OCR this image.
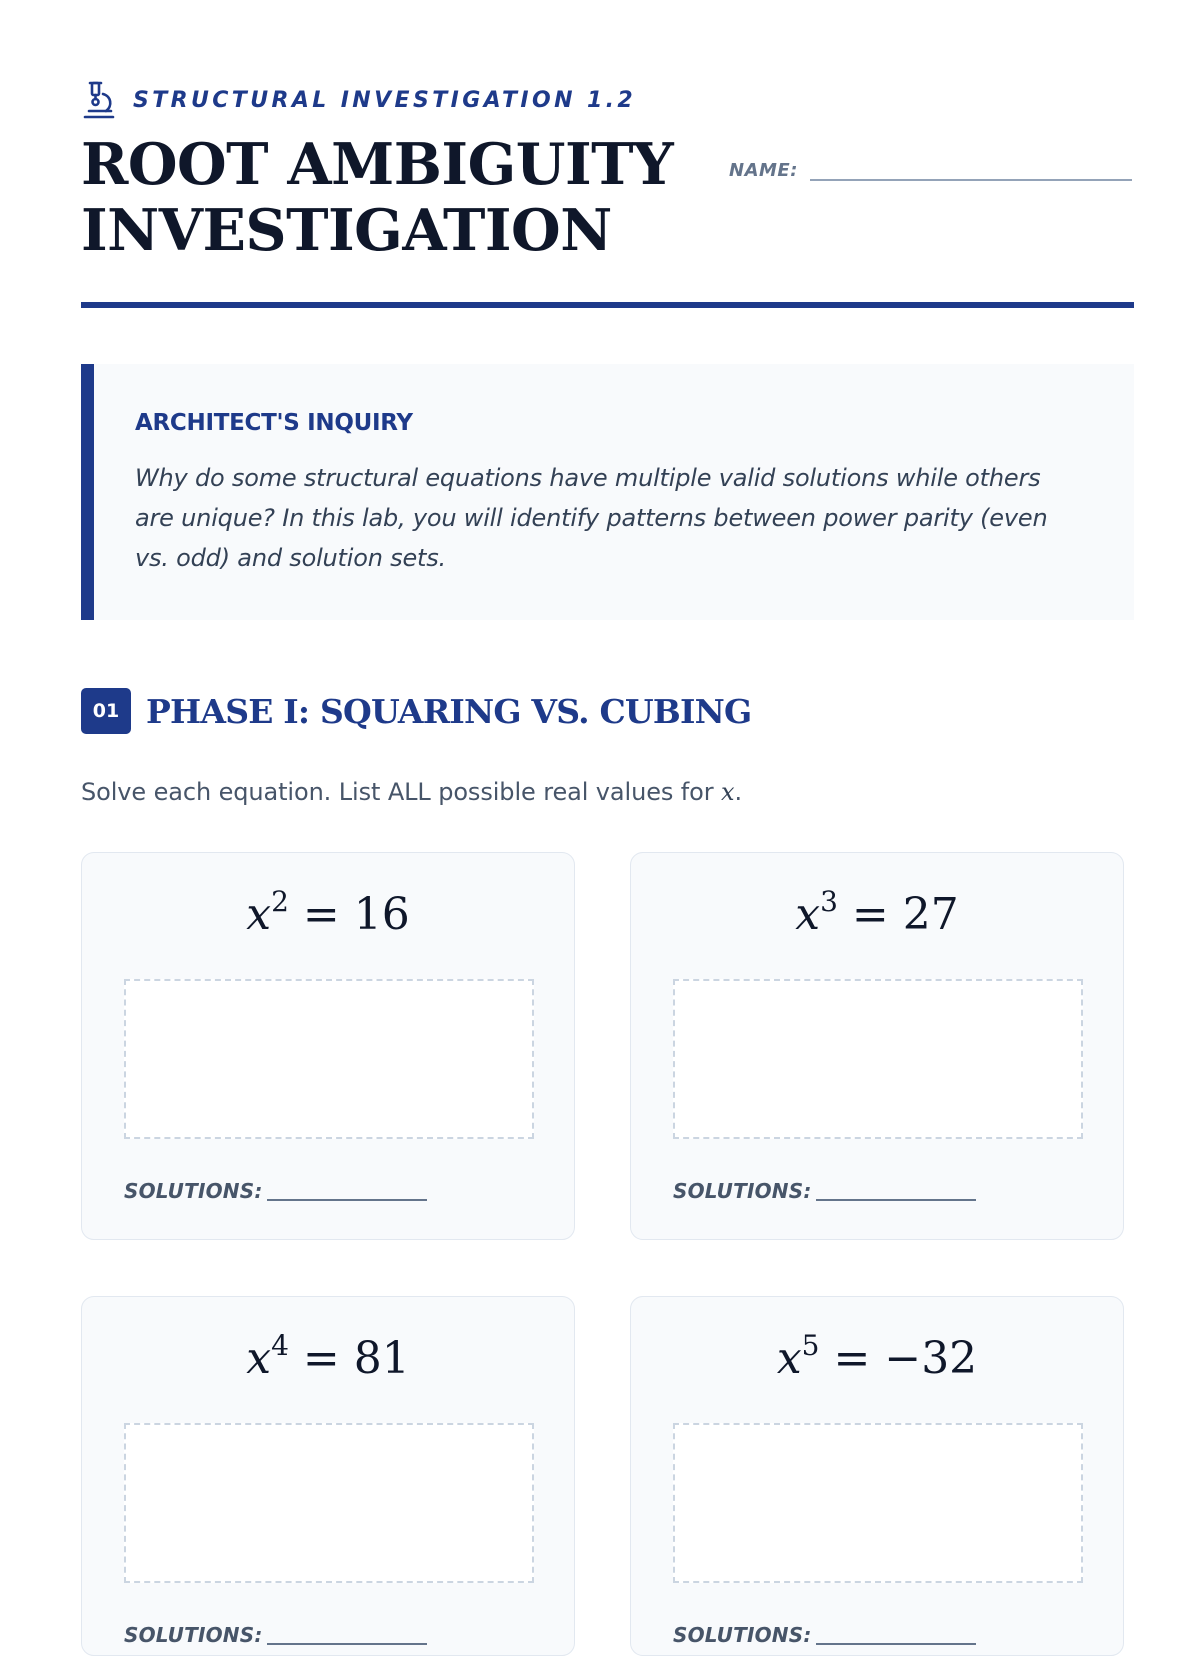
STRUCTURAL INVESTIGATION 1.2
ROOT AMBIGUITY
INVESTIGATION
NAME:
ARCHITECT'S INQUIRY
Why do some structural equations have multiple valid solutions while others are unique? In this lab, you will identify patterns between power parity (even vs. odd) and solution sets.
01 PHASE I: SQUARING VS. CUBING
Solve each equation. List ALL possible real values for x.
$x^2 = 16$
SOLUTIONS:
$x^3 = 27$
SOLUTIONS:
$x^4 = 81$
SOLUTIONS:
$x^5 = -32$
SOLUTIONS:
